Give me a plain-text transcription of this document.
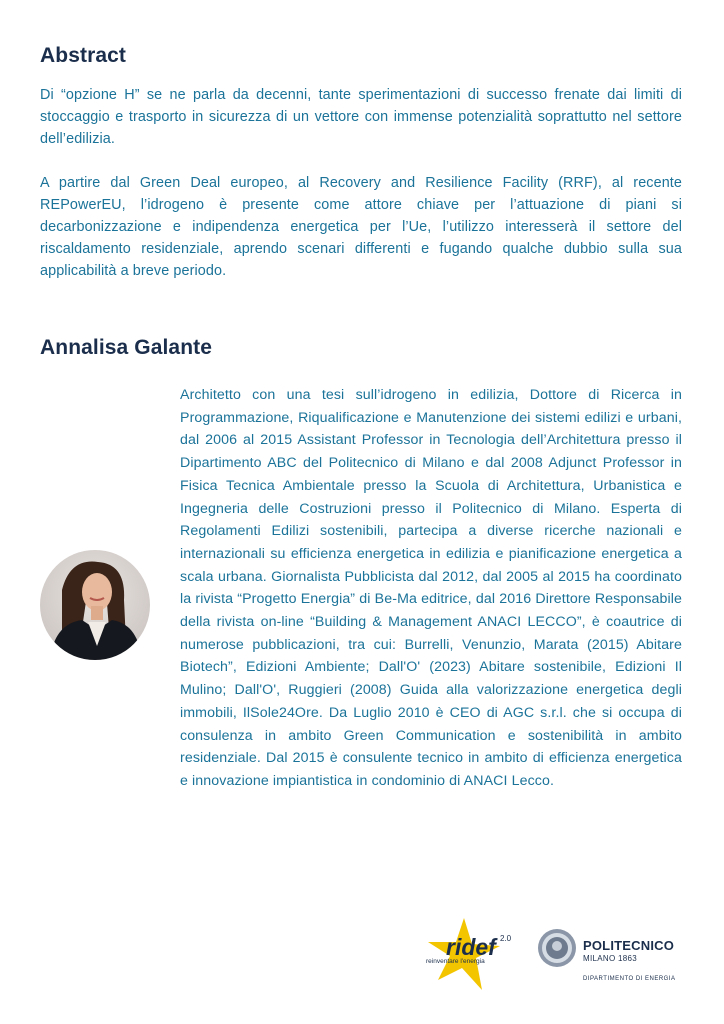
Abstract

Di “opzione H” se ne parla da decenni, tante sperimentazioni di successo frenate dai limiti di stoccaggio e trasporto in sicurezza di un vettore con immense potenzialità soprattutto nel settore dell’edilizia.

A partire dal Green Deal europeo, al Recovery and Resilience Facility (RRF), al recente REPowerEU, l’idrogeno è presente come attore chiave per l’attuazione di piani si decarbonizzazione e indipendenza energetica per l’Ue, l’utilizzo interesserà il settore del riscaldamento residenziale, aprendo scenari differenti e fugando qualche dubbio sulla sua applicabilità a breve periodo.

Annalisa Galante

Architetto con una tesi sull’idrogeno in edilizia, Dottore di Ricerca in Programmazione, Riqualificazione e Manutenzione dei sistemi edilizi e urbani, dal 2006 al 2015 Assistant Professor in Tecnologia dell’Architettura presso il Dipartimento ABC del Politecnico di Milano e dal 2008 Adjunct Professor in Fisica Tecnica Ambientale presso la Scuola di Architettura, Urbanistica e Ingegneria delle Costruzioni presso il Politecnico di Milano. Esperta di Regolamenti Edilizi sostenibili, partecipa a diverse ricerche nazionali e internazionali su efficienza energetica in edilizia e pianificazione energetica a scala urbana. Giornalista Pubblicista dal 2012, dal 2005 al 2015 ha coordinato la rivista “Progetto Energia” di Be-Ma editrice, dal 2016 Direttore Responsabile della rivista on-line “Building & Management ANACI LECCO”, è coautrice di numerose pubblicazioni, tra cui: Burrelli, Venunzio, Marata (2015) Abitare Biotech”, Edizioni Ambiente; Dall'O' (2023) Abitare sostenibile, Edizioni Il Mulino; Dall'O', Ruggieri (2008) Guida alla valorizzazione energetica degli immobili, IlSole24Ore. Da Luglio 2010 è CEO di AGC s.r.l. che si occupa di consulenza in ambito Green Communication e sostenibilità in ambito residenziale. Dal 2015 è consulente tecnico in ambito di efficienza energetica e innovazione impiantistica in condominio di ANACI Lecco.

ridef 2.0
reinventare l'energia

POLITECNICO

MILANO 1863

DIPARTIMENTO DI ENERGIA
